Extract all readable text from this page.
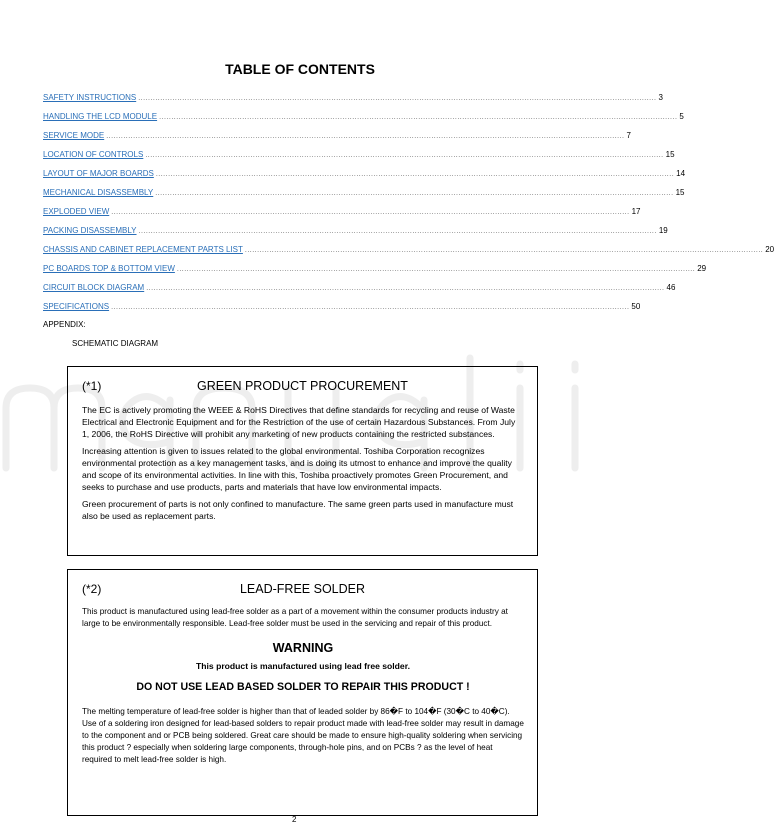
TABLE OF CONTENTS
SAFETY INSTRUCTIONS .................................................................................................................................................................................................................... 3
HANDLING THE LCD MODULE .................................................................................................................................................................................................................... 5
SERVICE MODE .................................................................................................................................................................................................................... 7
LOCATION OF CONTROLS .................................................................................................................................................................................................................... 15
LAYOUT OF MAJOR BOARDS .................................................................................................................................................................................................................... 14
MECHANICAL DISASSEMBLY .................................................................................................................................................................................................................... 15
EXPLODED VIEW .................................................................................................................................................................................................................... 17
PACKING DISASSEMBLY .................................................................................................................................................................................................................... 19
CHASSIS AND CABINET REPLACEMENT PARTS LIST .................................................................................................................................................................................................................... 20
PC BOARDS TOP & BOTTOM VIEW .................................................................................................................................................................................................................... 29
CIRCUIT BLOCK DIAGRAM .................................................................................................................................................................................................................... 46
SPECIFICATIONS .................................................................................................................................................................................................................... 50
APPENDIX:
SCHEMATIC DIAGRAM
(*1)	GREEN PRODUCT PROCUREMENT

The EC is actively promoting the WEEE & RoHS Directives that define standards for recycling and reuse of Waste Electrical and Electronic Equipment and for the Restriction of the use of certain Hazardous Substances. From July 1, 2006, the RoHS Directive will prohibit any marketing of new products containing the restricted substances.

Increasing attention is given to issues related to the global environmental. Toshiba Corporation recognizes environmental protection as a key management tasks, and is doing its utmost to enhance and improve the quality and scope of its environmental activities. In line with this, Toshiba proactively promotes Green Procurement, and seeks to purchase and use products, parts and materials that have low environmental impacts.

Green procurement of parts is not only confined to manufacture. The same green parts used in manufacture must also be used as replacement parts.

(*2)	LEAD-FREE SOLDER

This product is manufactured using lead-free solder as a part of a movement within the consumer products industry at large to be environmentally responsible. Lead-free solder must be used in the servicing and repair of this product.

WARNING

This product is manufactured using lead free solder.

DO NOT USE LEAD BASED SOLDER TO REPAIR THIS PRODUCT !

The melting temperature of lead-free solder is higher than that of leaded solder by 86�F to 104�F (30�C to 40�C). Use of a soldering iron designed for lead-based solders to repair product made with lead-free solder may result in damage to the component and or PCB being soldered. Great care should be made to ensure high-quality soldering when servicing this product ? especially when soldering large components, through-hole pins, and on PCBs ? as the level of heat required to melt lead-free solder is high.

2
